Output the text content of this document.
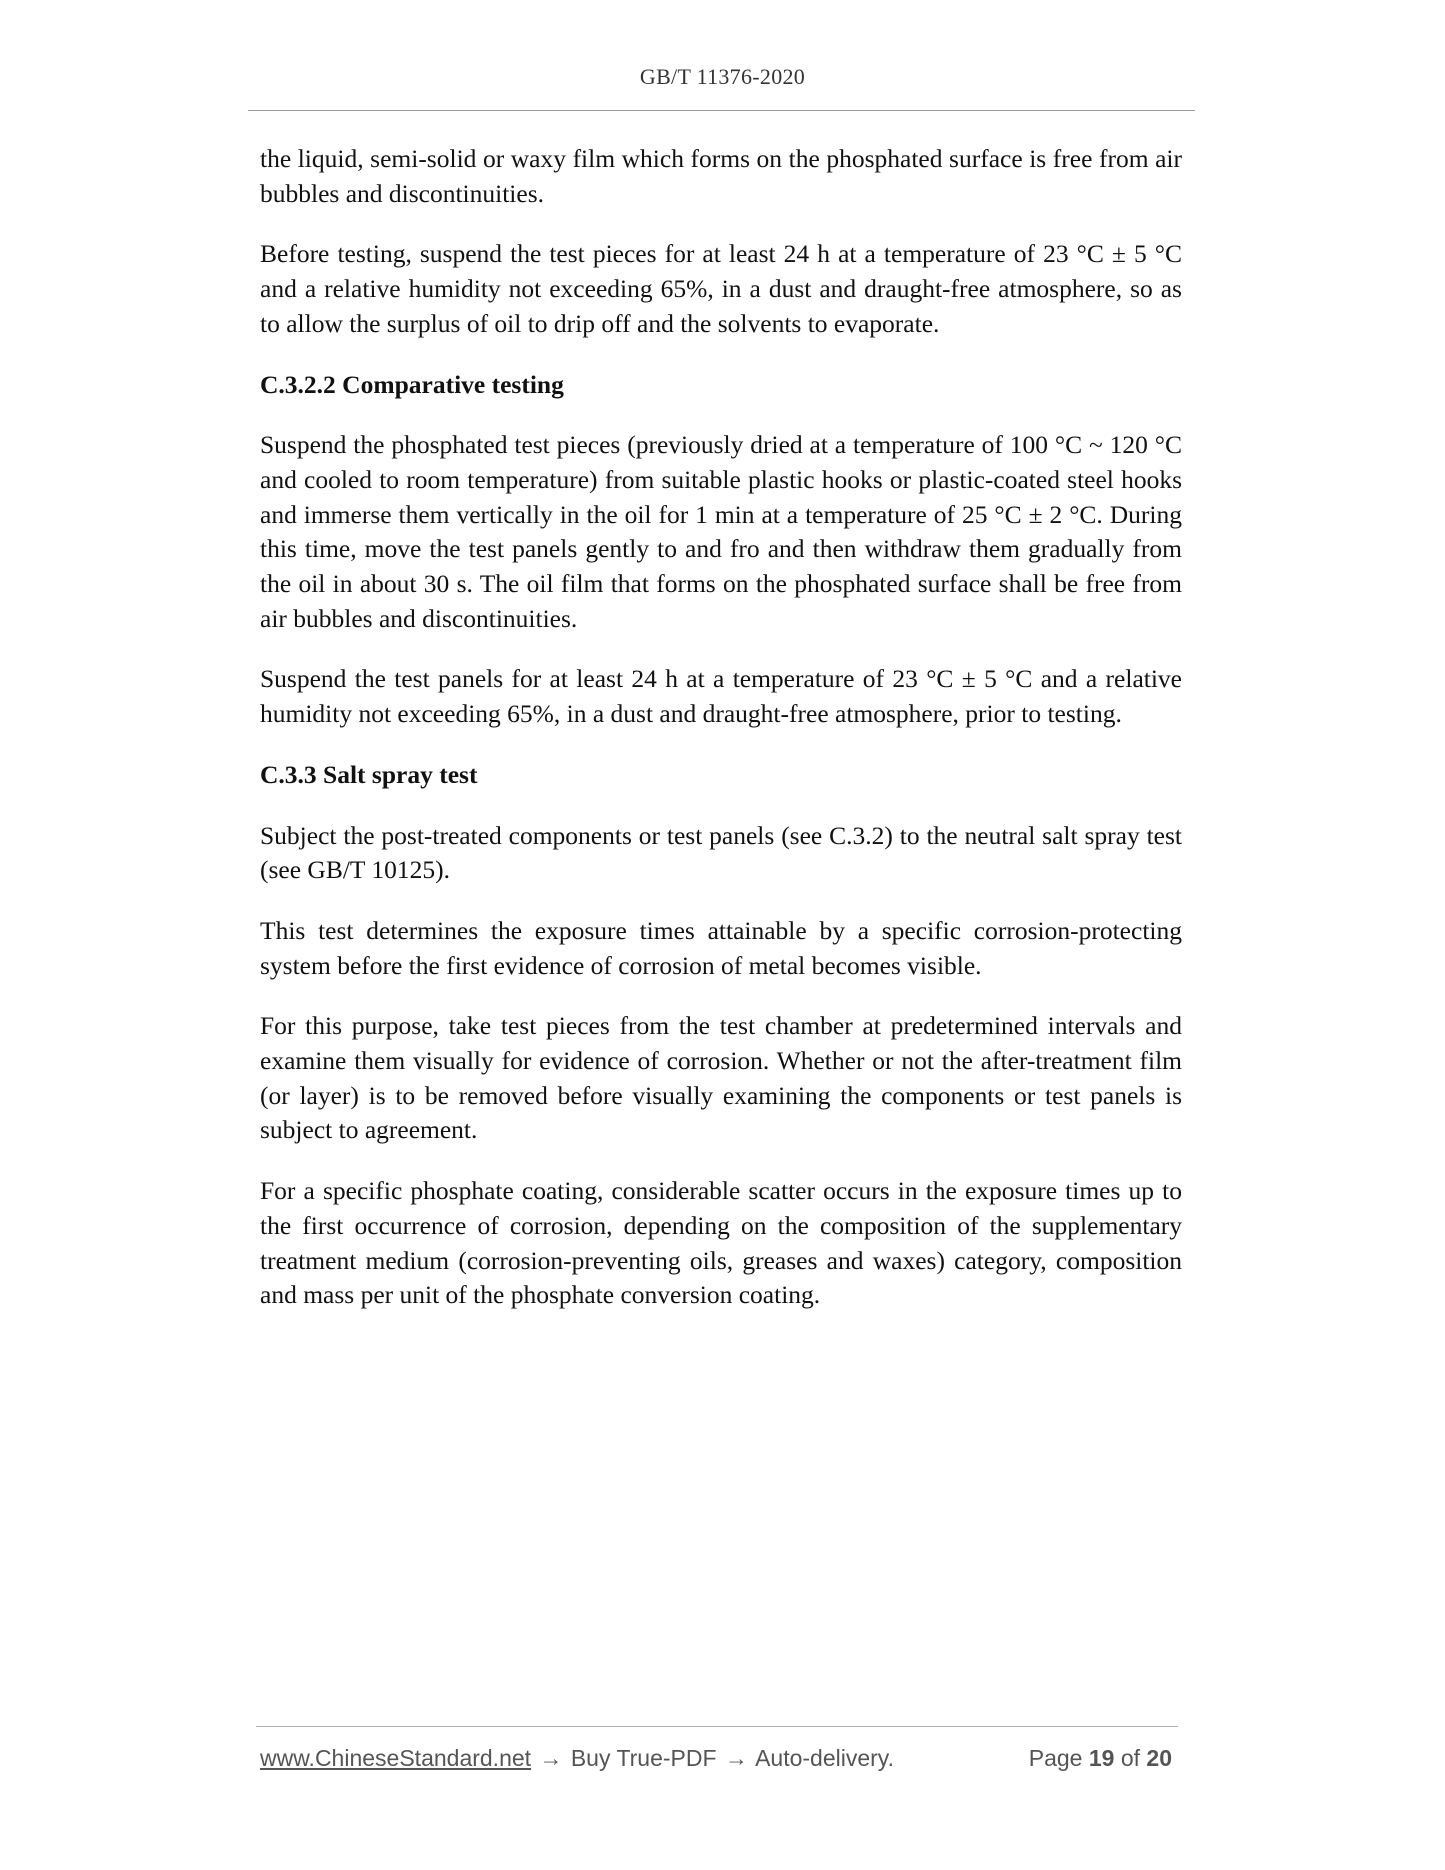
GB/T 11376-2020

the liquid, semi-solid or waxy film which forms on the phosphated surface is free from air bubbles and discontinuities.

Before testing, suspend the test pieces for at least 24 h at a temperature of 23 °C ± 5 °C and a relative humidity not exceeding 65%, in a dust and draught-free atmosphere, so as to allow the surplus of oil to drip off and the solvents to evaporate.

C.3.2.2 Comparative testing

Suspend the phosphated test pieces (previously dried at a temperature of 100 °C ~ 120 °C and cooled to room temperature) from suitable plastic hooks or plastic-coated steel hooks and immerse them vertically in the oil for 1 min at a temperature of 25 °C ± 2 °C. During this time, move the test panels gently to and fro and then withdraw them gradually from the oil in about 30 s. The oil film that forms on the phosphated surface shall be free from air bubbles and discontinuities.

Suspend the test panels for at least 24 h at a temperature of 23 °C ± 5 °C and a relative humidity not exceeding 65%, in a dust and draught-free atmosphere, prior to testing.

C.3.3 Salt spray test

Subject the post-treated components or test panels (see C.3.2) to the neutral salt spray test (see GB/T 10125).

This test determines the exposure times attainable by a specific corrosion-protecting system before the first evidence of corrosion of metal becomes visible.

For this purpose, take test pieces from the test chamber at predetermined intervals and examine them visually for evidence of corrosion. Whether or not the after-treatment film (or layer) is to be removed before visually examining the components or test panels is subject to agreement.

For a specific phosphate coating, considerable scatter occurs in the exposure times up to the first occurrence of corrosion, depending on the composition of the supplementary treatment medium (corrosion-preventing oils, greases and waxes) category, composition and mass per unit of the phosphate conversion coating.

www.ChineseStandard.net → Buy True-PDF → Auto-delivery.	Page 19 of 20
